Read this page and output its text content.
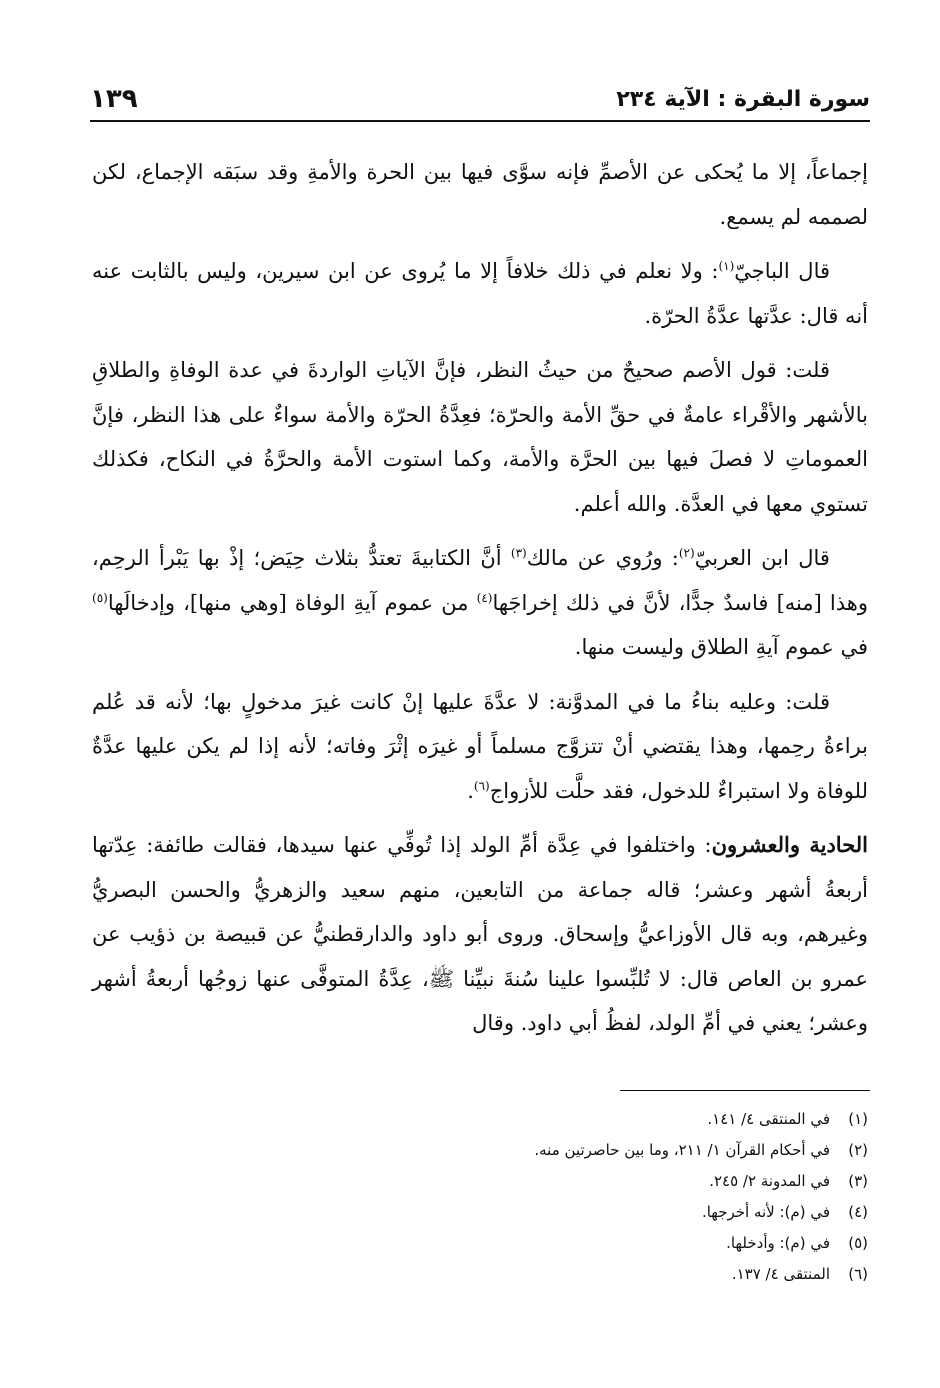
سورة البقرة : الآية ٢٣٤
١٣٩

إجماعاً، إلا ما يُحكى عن الأصمِّ فإنه سوَّى فيها بين الحرة والأمةِ وقد سبَقه الإجماع، لكن لصممه لم يسمع.

قال الباجيّ$^{(١)}$: ولا نعلم في ذلك خلافاً إلا ما يُروى عن ابن سيرين، وليس بالثابت عنه أنه قال: عدَّتها عدَّةُ الحرّة.

قلت: قول الأصم صحيحٌ من حيثُ النظر، فإنَّ الآياتِ الواردةَ في عدة الوفاةِ والطلاقِ بالأشهر والأقْراء عامةٌ في حقِّ الأمة والحرّة؛ فعِدَّةُ الحرّة والأمة سواءٌ على هذا النظر، فإنَّ العموماتِ لا فصلَ فيها بين الحرَّة والأمة، وكما استوت الأمة والحرَّةُ في النكاح، فكذلك تستوي معها في العدَّة. والله أعلم.

قال ابن العربيّ$^{(٢)}$: ورُوي عن مالك$^{(٣)}$ أنَّ الكتابيةَ تعتدُّ بثلاث حِيَض؛ إذْ بها يَبْرأ الرحِم، وهذا [منه] فاسدٌ جدًّا، لأنَّ في ذلك إخراجَها$^{(٤)}$ من عموم آيةِ الوفاة [وهي منها]، وإدخالَها$^{(٥)}$ في عموم آيةِ الطلاق وليست منها.

قلت: وعليه بناءُ ما في المدوَّنة: لا عدَّةَ عليها إنْ كانت غيرَ مدخولٍ بها؛ لأنه قد عُلم براءةُ رحِمها، وهذا يقتضي أنْ تتزوَّج مسلماً أو غيرَه إثْرَ وفاته؛ لأنه إذا لم يكن عليها عدَّةٌ للوفاة ولا استبراءٌ للدخول، فقد حلَّت للأزواج$^{(٦)}$.

الحادية والعشرون: واختلفوا في عِدَّة أمِّ الولد إذا تُوفِّي عنها سيدها، فقالت طائفة: عِدّتها أربعةُ أشهر وعشر؛ قاله جماعة من التابعين، منهم سعيد والزهريُّ والحسن البصريُّ وغيرهم، وبه قال الأوزاعيُّ وإسحاق. وروى أبو داود والدارقطنيُّ عن قبيصة بن ذؤيب عن عمرو بن العاص قال: لا تُلبِّسوا علينا سُنةَ نبيِّنا ﷺ، عِدَّةُ المتوفَّى عنها زوجُها أربعةُ أشهر وعشر؛ يعني في أمِّ الولد، لفظُ أبي داود. وقال

(١)
في المنتقى ٤/ ١٤١.
(٢)
في أحكام القرآن ١/ ٢١١، وما بين حاصرتين منه.
(٣)
في المدونة ٢/ ٢٤٥.
(٤)
في (م): لأنه أخرجها.
(٥)
في (م): وأدخلها.
(٦)
المنتقى ٤/ ١٣٧.
